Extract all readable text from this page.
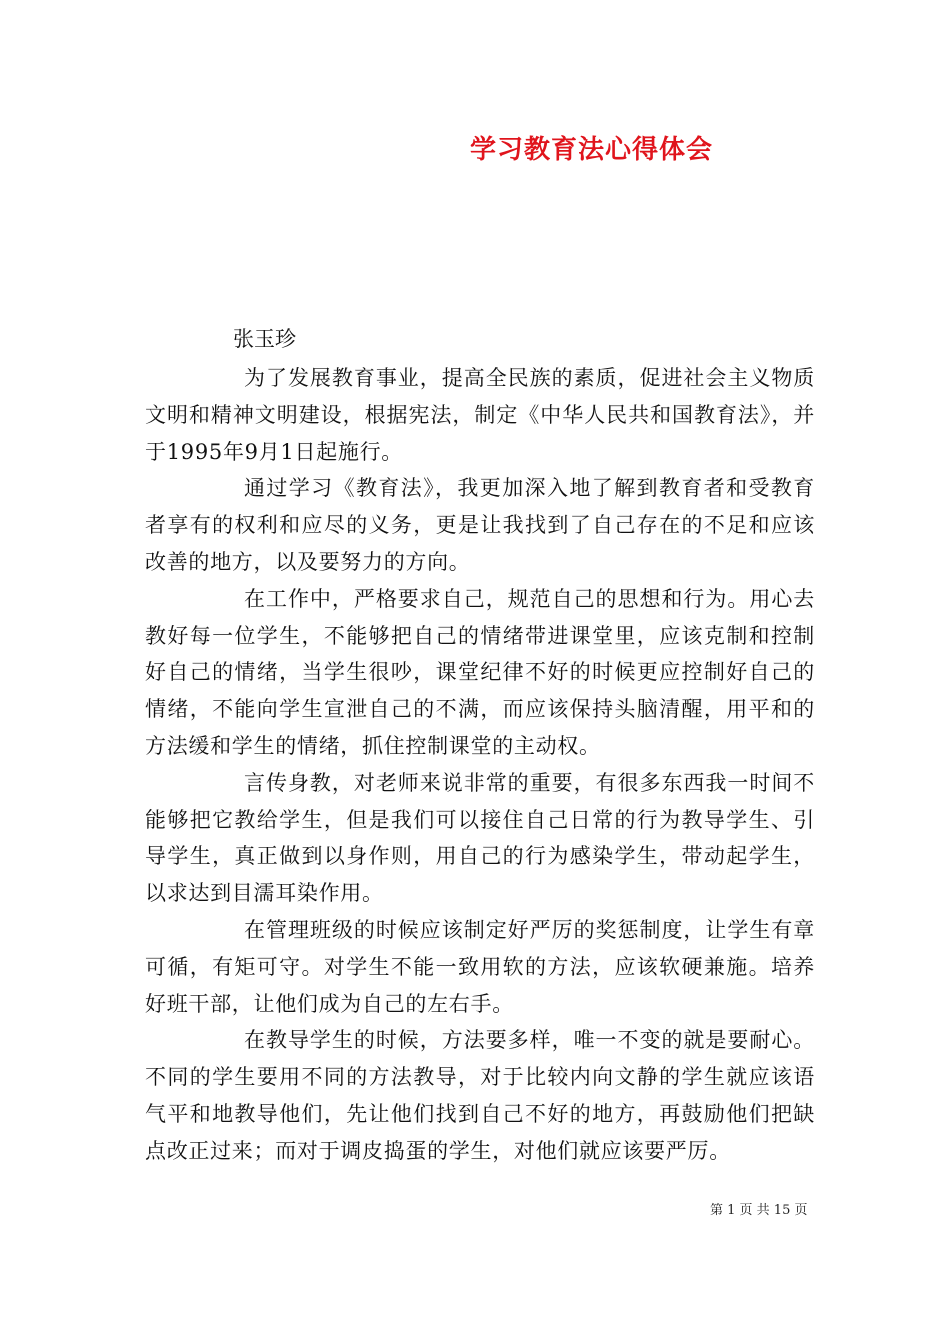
学习教育法心得体会
张玉珍

为了发展教育事业，提高全民族的素质，促进社会主义物质文明和精神文明建设，根据宪法，制定《中华人民共和国教育法》，并于1995年9月1日起施行。

通过学习《教育法》，我更加深入地了解到教育者和受教育者享有的权利和应尽的义务，更是让我找到了自己存在的不足和应该改善的地方，以及要努力的方向。

在工作中，严格要求自己，规范自己的思想和行为。用心去教好每一位学生，不能够把自己的情绪带进课堂里，应该克制和控制好自己的情绪，当学生很吵，课堂纪律不好的时候更应控制好自己的情绪，不能向学生宣泄自己的不满，而应该保持头脑清醒，用平和的方法缓和学生的情绪，抓住控制课堂的主动权。

言传身教，对老师来说非常的重要，有很多东西我一时间不能够把它教给学生，但是我们可以接住自己日常的行为教导学生、引导学生，真正做到以身作则，用自己的行为感染学生，带动起学生，以求达到目濡耳染作用。

在管理班级的时候应该制定好严厉的奖惩制度，让学生有章可循，有矩可守。对学生不能一致用软的方法，应该软硬兼施。培养好班干部，让他们成为自己的左右手。

在教导学生的时候，方法要多样，唯一不变的就是要耐心。不同的学生要用不同的方法教导，对于比较内向文静的学生就应该语气平和地教导他们，先让他们找到自己不好的地方，再鼓励他们把缺点改正过来；而对于调皮捣蛋的学生，对他们就应该要严厉。

第 1 页 共 15 页
